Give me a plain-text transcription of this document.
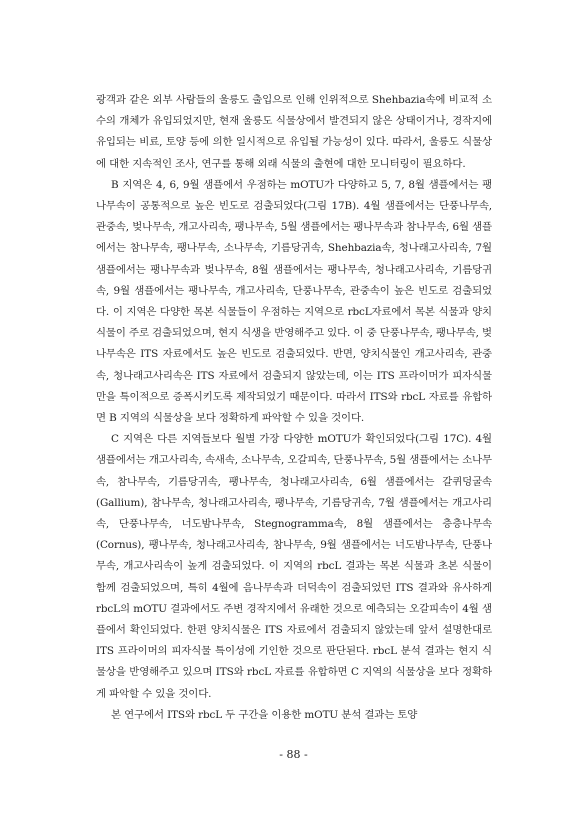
광객과 같은 외부 사람들의 울릉도 출입으로 인해 인위적으로 Shehbazia속에 비교적 소수의 개체가 유입되었지만, 현재 울릉도 식물상에서 발견되지 않은 상태이거나, 경작지에 유입되는 비료, 토양 등에 의한 일시적으로 유입될 가능성이 있다. 따라서, 울릉도 식물상에 대한 지속적인 조사, 연구를 통해 외래 식물의 출현에 대한 모니터링이 필요하다.

B 지역은 4, 6, 9월 샘플에서 우점하는 mOTU가 다양하고 5, 7, 8월 샘플에서는 팽나무속이 공통적으로 높은 빈도로 검출되었다(그림 17B). 4월 샘플에서는 단풍나무속, 관중속, 벚나무속, 개고사리속, 팽나무속, 5월 샘플에서는 팽나무속과 참나무속, 6월 샘플에서는 참나무속, 팽나무속, 소나무속, 기름당귀속, Shehbazia속, 청나래고사리속, 7월 샘플에서는 팽나무속과 벚나무속, 8월 샘플에서는 팽나무속, 청나래고사리속, 기름당귀속, 9월 샘플에서는 팽나무속, 개고사리속, 단풍나무속, 관중속이 높은 빈도로 검출되었다. 이 지역은 다양한 목본 식물들이 우점하는 지역으로 rbcL자료에서 목본 식물과 양치식물이 주로 검출되었으며, 현지 식생을 반영해주고 있다. 이 중 단풍나무속, 팽나무속, 벚나무속은 ITS 자료에서도 높은 빈도로 검출되었다. 반면, 양치식물인 개고사리속, 관중속, 청나래고사리속은 ITS 자료에서 검출되지 않았는데, 이는 ITS 프라이머가 피자식물만을 특이적으로 증폭시키도록 제작되었기 때문이다. 따라서 ITS와 rbcL 자료를 유합하면 B 지역의 식물상을 보다 정확하게 파악할 수 있을 것이다.

C 지역은 다른 지역들보다 월별 가장 다양한 mOTU가 확인되었다(그림 17C). 4월 샘플에서는 개고사리속, 속새속, 소나무속, 오갈피속, 단풍나무속, 5월 샘플에서는 소나무속, 참나무속, 기름당귀속, 팽나무속, 청나래고사리속, 6월 샘플에서는 갈퀴덩굴속(Gallium), 참나무속, 청나래고사리속, 팽나무속, 기름당귀속, 7월 샘플에서는 개고사리속, 단풍나무속, 너도밤나무속, Stegnogramma속, 8월 샘플에서는 층층나무속(Cornus), 팽나무속, 청나래고사리속, 참나무속, 9월 샘플에서는 너도밤나무속, 단풍나무속, 개고사리속이 높게 검출되었다. 이 지역의 rbcL 결과는 목본 식물과 초본 식물이 함께 검출되었으며, 특히 4월에 음나무속과 더덕속이 검출되었던 ITS 결과와 유사하게 rbcL의 mOTU 결과에서도 주변 경작지에서 유래한 것으로 예측되는 오갈피속이 4월 샘플에서 확인되었다. 한편 양치식물은 ITS 자료에서 검출되지 않았는데 앞서 설명한대로 ITS 프라이머의 피자식물 특이성에 기인한 것으로 판단된다. rbcL 분석 결과는 현지 식물상을 반영해주고 있으며 ITS와 rbcL 자료를 유합하면 C 지역의 식물상을 보다 정확하게 파악할 수 있을 것이다.

본 연구에서 ITS와 rbcL 두 구간을 이용한 mOTU 분석 결과는 토양

- 88 -
